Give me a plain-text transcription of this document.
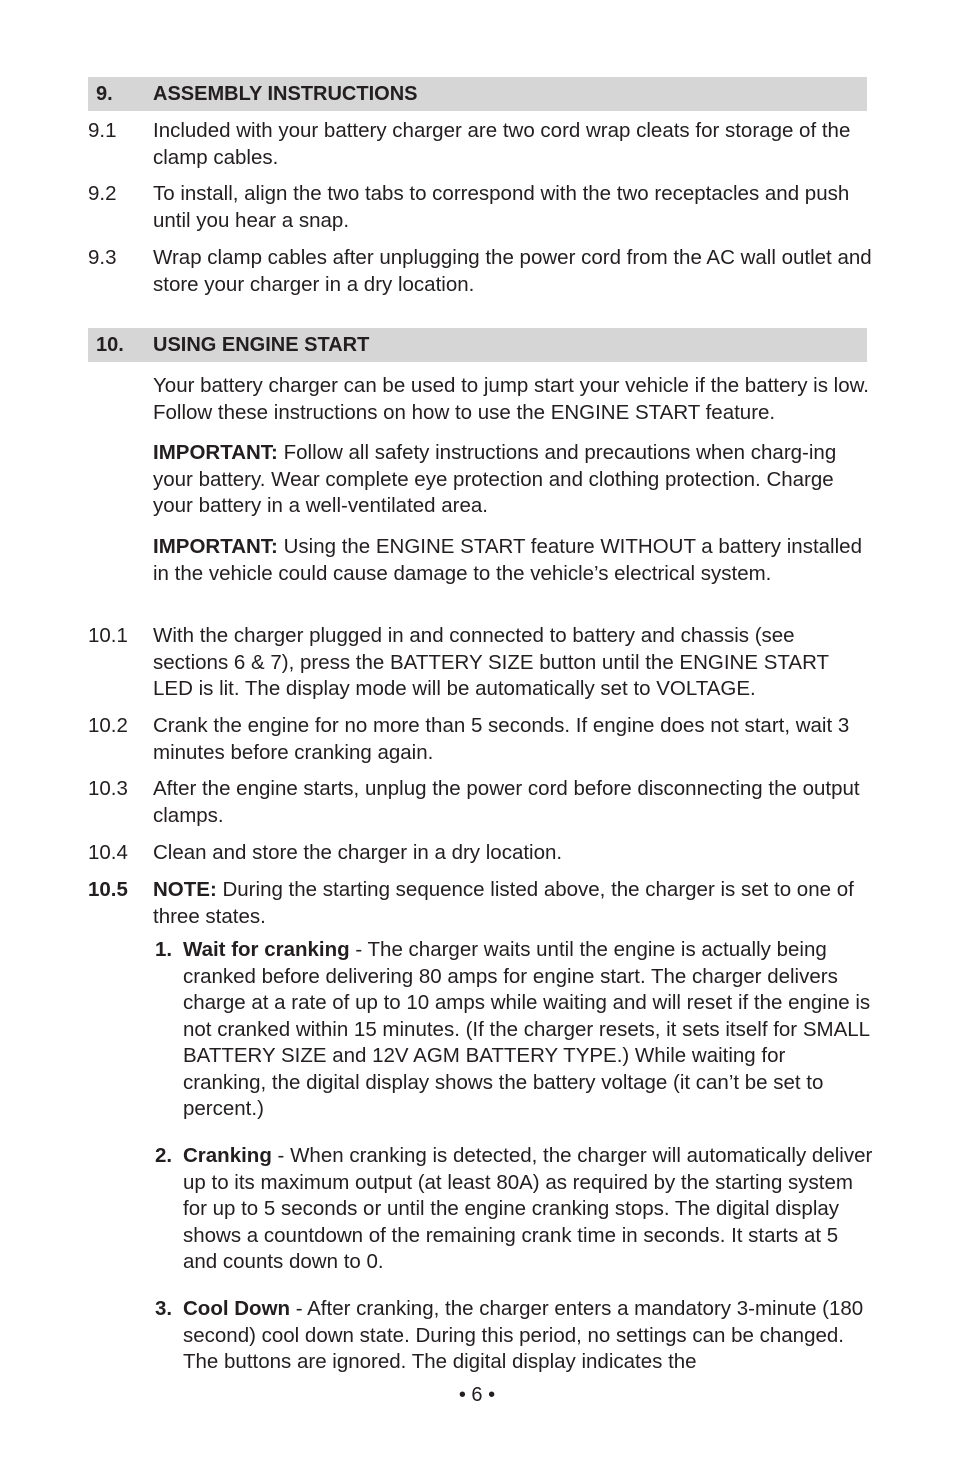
9. ASSEMBLY INSTRUCTIONS
9.1 Included with your battery charger are two cord wrap cleats for storage of the clamp cables.
9.2 To install, align the two tabs to correspond with the two receptacles and push until you hear a snap.
9.3 Wrap clamp cables after unplugging the power cord from the AC wall outlet and store your charger in a dry location.
10. USING ENGINE START
Your battery charger can be used to jump start your vehicle if the battery is low. Follow these instructions on how to use the ENGINE START feature.
IMPORTANT: Follow all safety instructions and precautions when charg-ing your battery. Wear complete eye protection and clothing protection. Charge your battery in a well-ventilated area.
IMPORTANT: Using the ENGINE START feature WITHOUT a battery installed in the vehicle could cause damage to the vehicle’s electrical system.
10.1 With the charger plugged in and connected to battery and chassis (see sections 6 & 7), press the BATTERY SIZE button until the ENGINE START LED is lit. The display mode will be automatically set to VOLTAGE.
10.2 Crank the engine for no more than 5 seconds. If engine does not start, wait 3 minutes before cranking again.
10.3 After the engine starts, unplug the power cord before disconnecting the output clamps.
10.4 Clean and store the charger in a dry location.
10.5 NOTE: During the starting sequence listed above, the charger is set to one of three states.
1. Wait for cranking - The charger waits until the engine is actually being cranked before delivering 80 amps for engine start. The charger delivers charge at a rate of up to 10 amps while waiting and will reset if the engine is not cranked within 15 minutes. (If the charger resets, it sets itself for SMALL BATTERY SIZE and 12V AGM BATTERY TYPE.) While waiting for cranking, the digital display shows the battery voltage (it can’t be set to percent.)
2. Cranking - When cranking is detected, the charger will automatically deliver up to its maximum output (at least 80A) as required by the starting system for up to 5 seconds or until the engine cranking stops. The digital display shows a countdown of the remaining crank time in seconds. It starts at 5 and counts down to 0.
3. Cool Down - After cranking, the charger enters a mandatory 3-minute (180 second) cool down state. During this period, no settings can be changed. The buttons are ignored. The digital display indicates the
• 6 •
